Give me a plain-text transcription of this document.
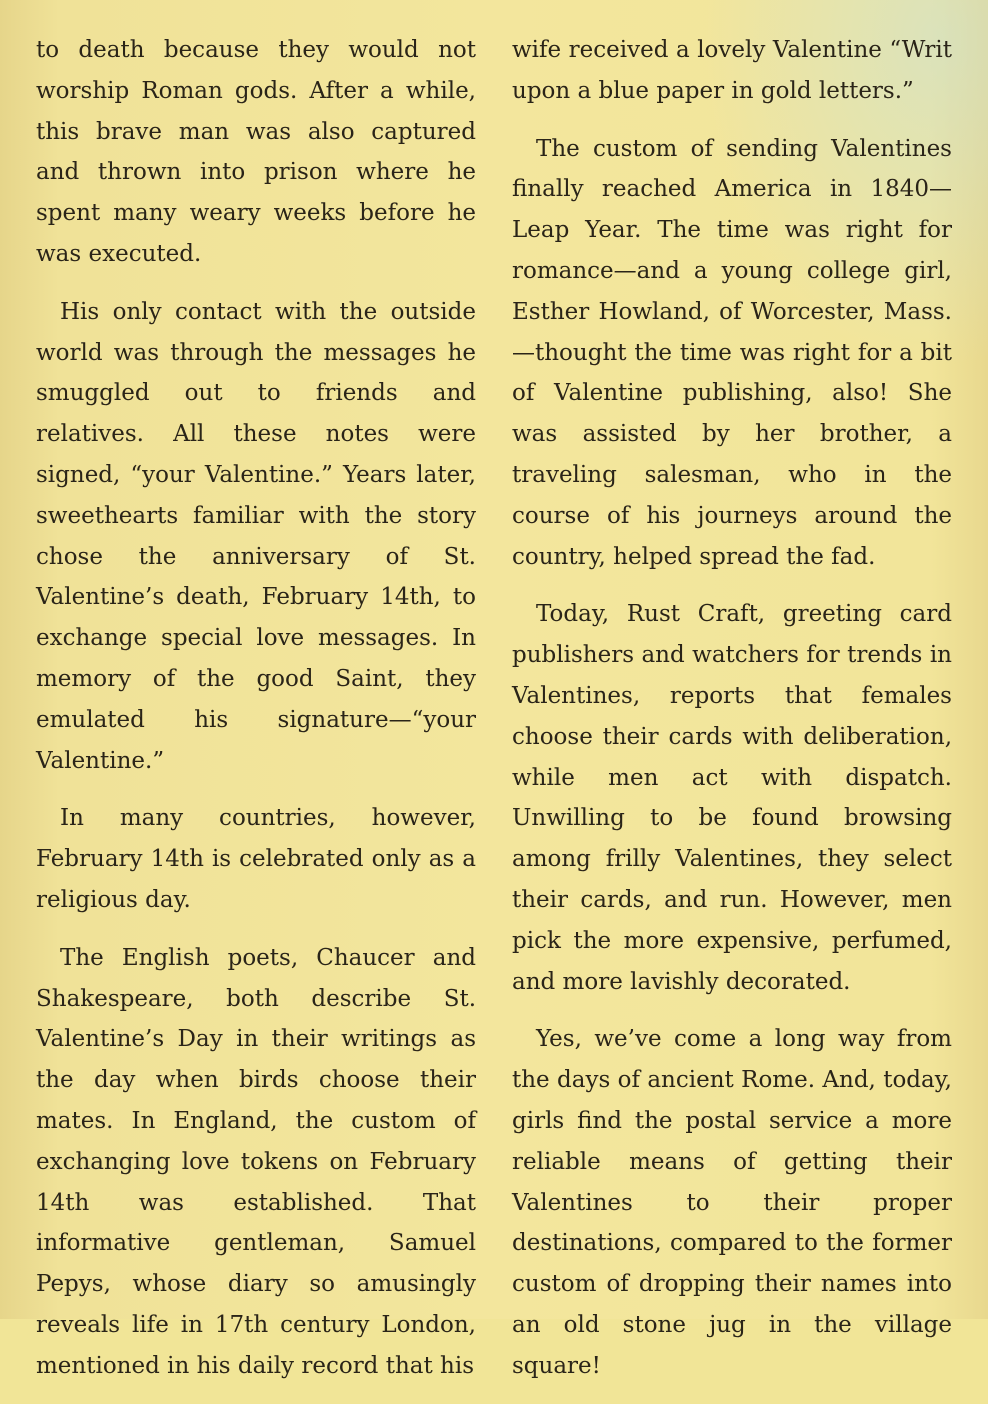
to death because they would not worship Roman gods. After a while, this brave man was also captured and thrown into prison where he spent many weary weeks before he was executed.

His only contact with the outside world was through the messages he smuggled out to friends and relatives. All these notes were signed, “your Valentine.” Years later, sweethearts familiar with the story chose the anniversary of St. Valentine’s death, February 14th, to exchange special love messages. In memory of the good Saint, they emulated his signature—“your Valentine.”

In many countries, however, February 14th is celebrated only as a religious day.

The English poets, Chaucer and Shakespeare, both describe St. Valentine’s Day in their writings as the day when birds choose their mates. In England, the custom of exchanging love tokens on February 14th was established. That informative gentleman, Samuel Pepys, whose diary so amusingly reveals life in 17th century London, mentioned in his daily record that his

wife received a lovely Valentine “Writ upon a blue paper in gold letters.”

The custom of sending Valentines finally reached America in 1840—Leap Year. The time was right for romance—and a young college girl, Esther Howland, of Worcester, Mass.—thought the time was right for a bit of Valentine publishing, also! She was assisted by her brother, a traveling salesman, who in the course of his journeys around the country, helped spread the fad.

Today, Rust Craft, greeting card publishers and watchers for trends in Valentines, reports that females choose their cards with deliberation, while men act with dispatch. Unwilling to be found browsing among frilly Valentines, they select their cards, and run. However, men pick the more expensive, perfumed, and more lavishly decorated.

Yes, we’ve come a long way from the days of ancient Rome. And, today, girls find the postal service a more reliable means of getting their Valentines to their proper destinations, compared to the former custom of dropping their names into an old stone jug in the village square!
